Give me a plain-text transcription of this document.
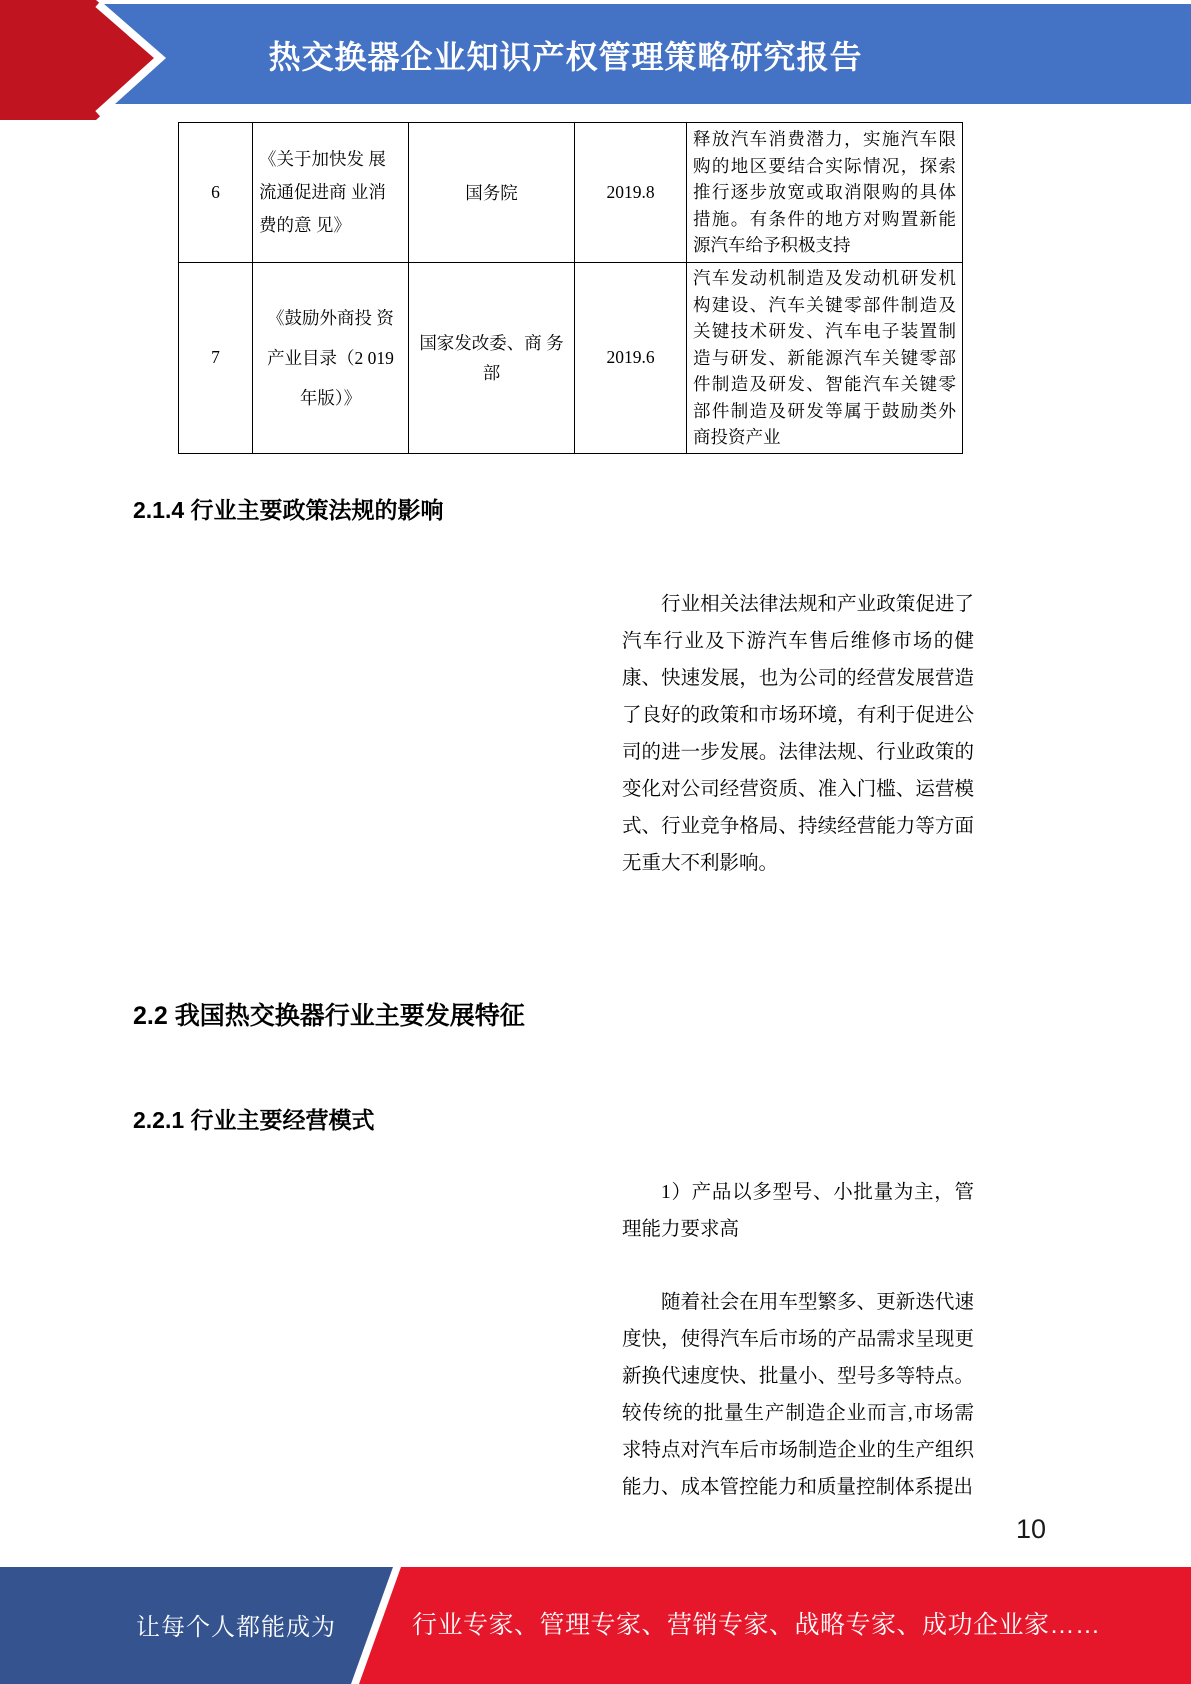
热交换器企业知识产权管理策略研究报告
6	《关于加快发 展流通促进商 业消费的意 见》	国务院	2019.8	释放汽车消费潜力，实施汽车限 购的地区要结合实际情况，探索 推行逐步放宽或取消限购的具体 措施。有条件的地方对购置新能 源汽车给予积极支持
7	《鼓励外商投 资产业目录（2 019 年版）》	国家发改委、商 务部	2019.6	汽车发动机制造及发动机研发机 构建设、汽车关键零部件制造及 关键技术研发、汽车电子装置制 造与研发、新能源汽车关键零部 件制造及研发、智能汽车关键零 部件制造及研发等属于鼓励类外 商投资产业
2.1.4 行业主要政策法规的影响
行业相关法律法规和产业政策促进了汽车行业及下游汽车售后维修市场的健康、快速发展，也为公司的经营发展营造了良好的政策和市场环境，有利于促进公司的进一步发展。法律法规、行业政策的变化对公司经营资质、准入门槛、运营模式、行业竞争格局、持续经营能力等方面无重大不利影响。
2.2 我国热交换器行业主要发展特征
2.2.1 行业主要经营模式
1）产品以多型号、小批量为主，管理能力要求高
随着社会在用车型繁多、更新迭代速度快，使得汽车后市场的产品需求呈现更新换代速度快、批量小、型号多等特点。较传统的批量生产制造企业而言,市场需求特点对汽车后市场制造企业的生产组织能力、成本管控能力和质量控制体系提出
10
让每个人都能成为	行业专家、管理专家、营销专家、战略专家、成功企业家……
